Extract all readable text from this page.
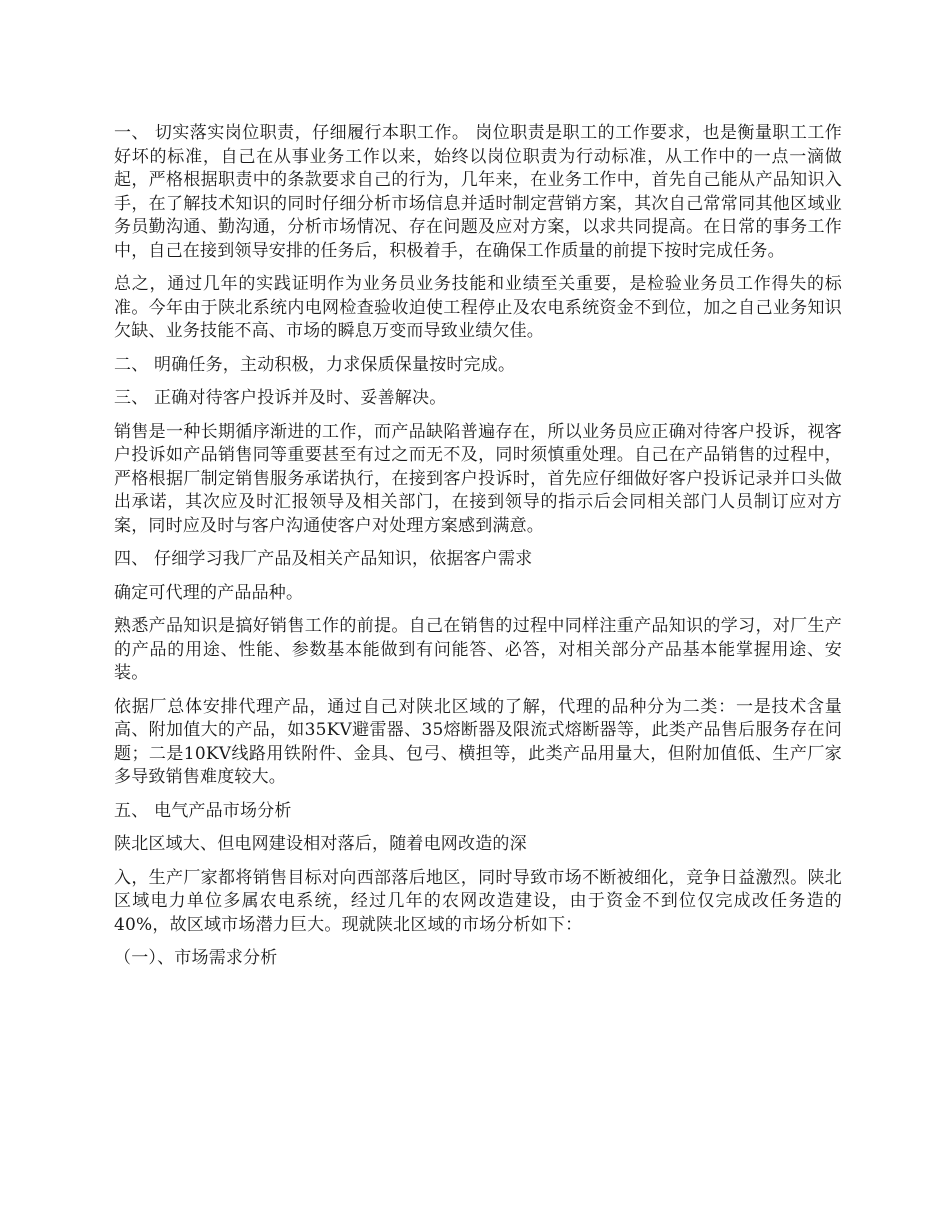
一、 切实落实岗位职责，仔细履行本职工作。 岗位职责是职工的工作要求，也是衡量职工工作好坏的标准，自己在从事业务工作以来，始终以岗位职责为行动标准，从工作中的一点一滴做起，严格根据职责中的条款要求自己的行为，几年来，在业务工作中，首先自己能从产品知识入手，在了解技术知识的同时仔细分析市场信息并适时制定营销方案，其次自己常常同其他区域业务员勤沟通、勤沟通，分析市场情况、存在问题及应对方案，以求共同提高。在日常的事务工作中，自己在接到领导安排的任务后，积极着手，在确保工作质量的前提下按时完成任务。

总之，通过几年的实践证明作为业务员业务技能和业绩至关重要，是检验业务员工作得失的标准。今年由于陕北系统内电网检查验收迫使工程停止及农电系统资金不到位，加之自己业务知识欠缺、业务技能不高、市场的瞬息万变而导致业绩欠佳。

二、 明确任务，主动积极，力求保质保量按时完成。

三、 正确对待客户投诉并及时、妥善解决。

销售是一种长期循序渐进的工作，而产品缺陷普遍存在，所以业务员应正确对待客户投诉，视客户投诉如产品销售同等重要甚至有过之而无不及，同时须慎重处理。自己在产品销售的过程中，严格根据厂制定销售服务承诺执行，在接到客户投诉时，首先应仔细做好客户投诉记录并口头做出承诺，其次应及时汇报领导及相关部门，在接到领导的指示后会同相关部门人员制订应对方案，同时应及时与客户沟通使客户对处理方案感到满意。

四、 仔细学习我厂产品及相关产品知识，依据客户需求

确定可代理的产品品种。

熟悉产品知识是搞好销售工作的前提。自己在销售的过程中同样注重产品知识的学习，对厂生产的产品的用途、性能、参数基本能做到有问能答、必答，对相关部分产品基本能掌握用途、安装。

依据厂总体安排代理产品，通过自己对陕北区域的了解，代理的品种分为二类：一是技术含量高、附加值大的产品，如35KV避雷器、35熔断器及限流式熔断器等，此类产品售后服务存在问题；二是10KV线路用铁附件、金具、包弓、横担等，此类产品用量大，但附加值低、生产厂家多导致销售难度较大。

五、 电气产品市场分析

陕北区域大、但电网建设相对落后，随着电网改造的深

入，生产厂家都将销售目标对向西部落后地区，同时导致市场不断被细化，竞争日益激烈。陕北区域电力单位多属农电系统，经过几年的农网改造建设，由于资金不到位仅完成改任务造的40%，故区域市场潜力巨大。现就陕北区域的市场分析如下：

（一）、市场需求分析
